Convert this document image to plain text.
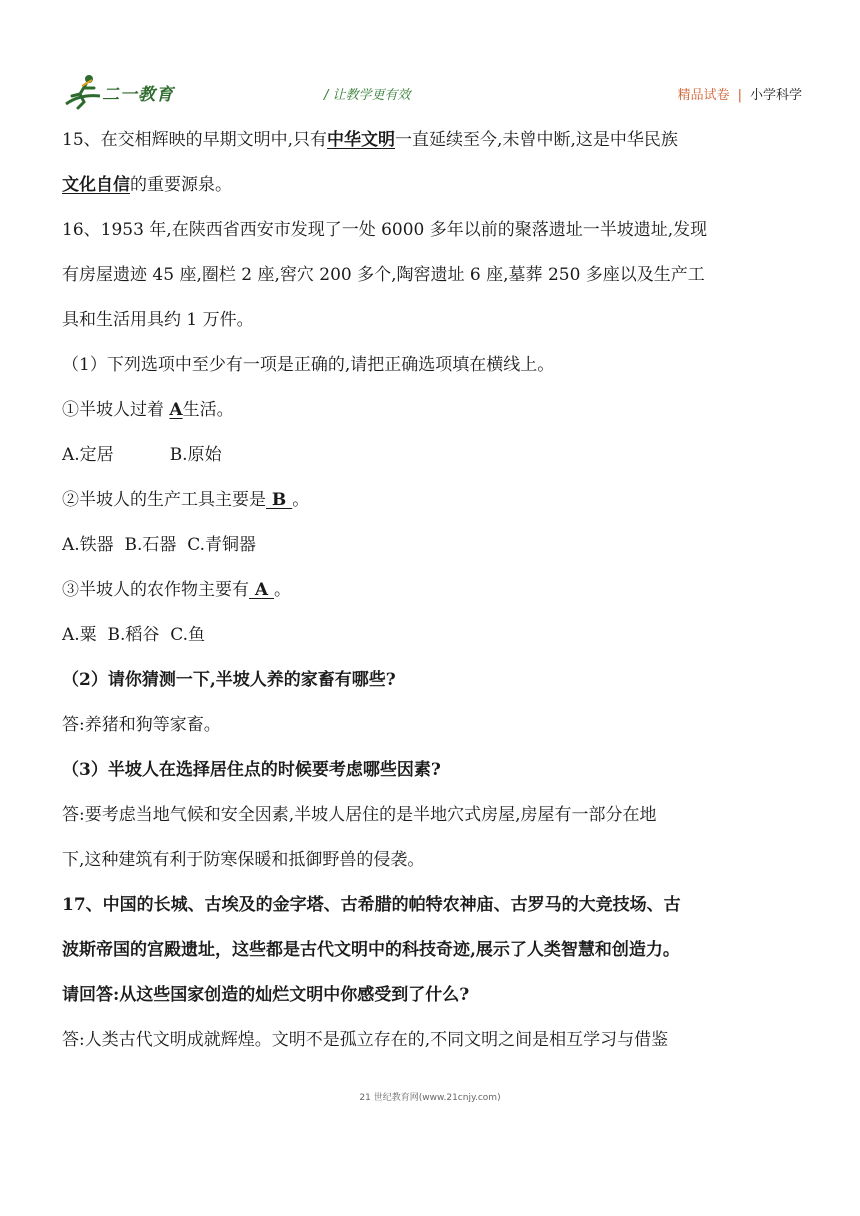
二一教育	/ 让教学更有效	精品试卷 | 小学科学
15、在交相辉映的早期文明中,只有中华文明一直延续至今,未曾中断,这是中华民族
文化自信的重要源泉。
16、1953 年,在陕西省西安市发现了一处 6000 多年以前的聚落遗址一半坡遗址,发现
有房屋遗迹 45 座,圈栏 2 座,窖穴 200 多个,陶窖遗址 6 座,墓葬 250 多座以及生产工
具和生活用具约 1 万件。
（1）下列选项中至少有一项是正确的,请把正确选项填在横线上。
①半坡人过着 A生活。
A.定居	B.原始
②半坡人的生产工具主要是 B 。
A.铁器  B.石器  C.青铜器
③半坡人的农作物主要有 A 。
A.粟  B.稻谷  C.鱼
（2）请你猜测一下,半坡人养的家畜有哪些?
答:养猪和狗等家畜。
（3）半坡人在选择居住点的时候要考虑哪些因素?
答:要考虑当地气候和安全因素,半坡人居住的是半地穴式房屋,房屋有一部分在地
下,这种建筑有利于防寒保暖和抵御野兽的侵袭。
17、中国的长城、古埃及的金字塔、古希腊的帕特农神庙、古罗马的大竞技场、古
波斯帝国的宫殿遗址，这些都是古代文明中的科技奇迹,展示了人类智慧和创造力。
请回答:从这些国家创造的灿烂文明中你感受到了什么?
答:人类古代文明成就辉煌。文明不是孤立存在的,不同文明之间是相互学习与借鉴
21 世纪教育网(www.21cnjy.com)
